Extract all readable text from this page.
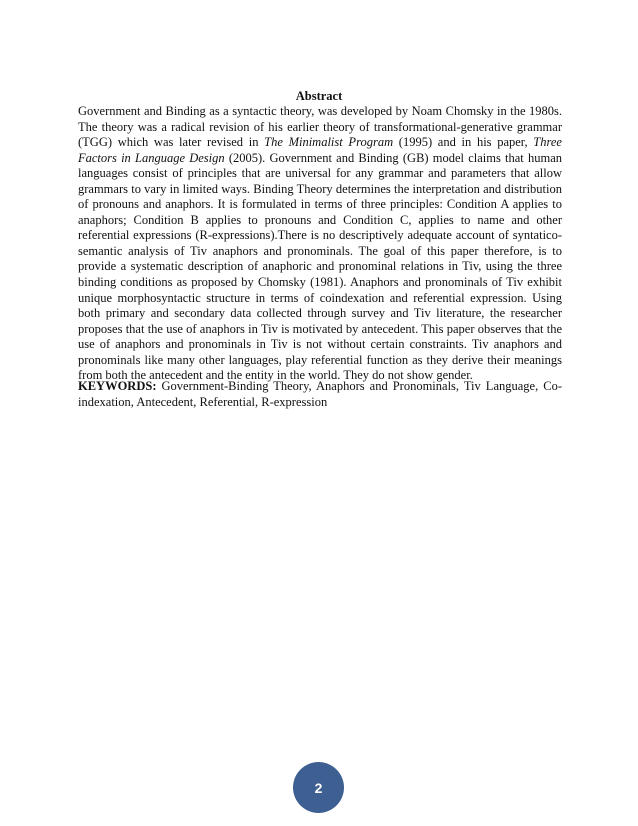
Abstract

Government and Binding as a syntactic theory, was developed by Noam Chomsky in the 1980s. The theory was a radical revision of his earlier theory of transformational-generative grammar (TGG) which was later revised in The Minimalist Program (1995) and in his paper, Three Factors in Language Design (2005). Government and Binding (GB) model claims that human languages consist of principles that are universal for any grammar and parameters that allow grammars to vary in limited ways. Binding Theory determines the interpretation and distribution of pronouns and anaphors. It is formulated in terms of three principles: Condition A applies to anaphors; Condition B applies to pronouns and Condition C, applies to name and other referential expressions (R-expressions).There is no descriptively adequate account of syntatico-semantic analysis of Tiv anaphors and pronominals. The goal of this paper therefore, is to provide a systematic description of anaphoric and pronominal relations in Tiv, using the three binding conditions as proposed by Chomsky (1981). Anaphors and pronominals of Tiv exhibit unique morphosyntactic structure in terms of coindexation and referential expression. Using both primary and secondary data collected through survey and Tiv literature, the researcher proposes that the use of anaphors in Tiv is motivated by antecedent. This paper observes that the use of anaphors and pronominals in Tiv is not without certain constraints. Tiv anaphors and pronominals like many other languages, play referential function as they derive their meanings from both the antecedent and the entity in the world. They do not show gender.

KEYWORDS: Government-Binding Theory, Anaphors and Pronominals, Tiv Language, Co-indexation, Antecedent, Referential, R-expression

2
